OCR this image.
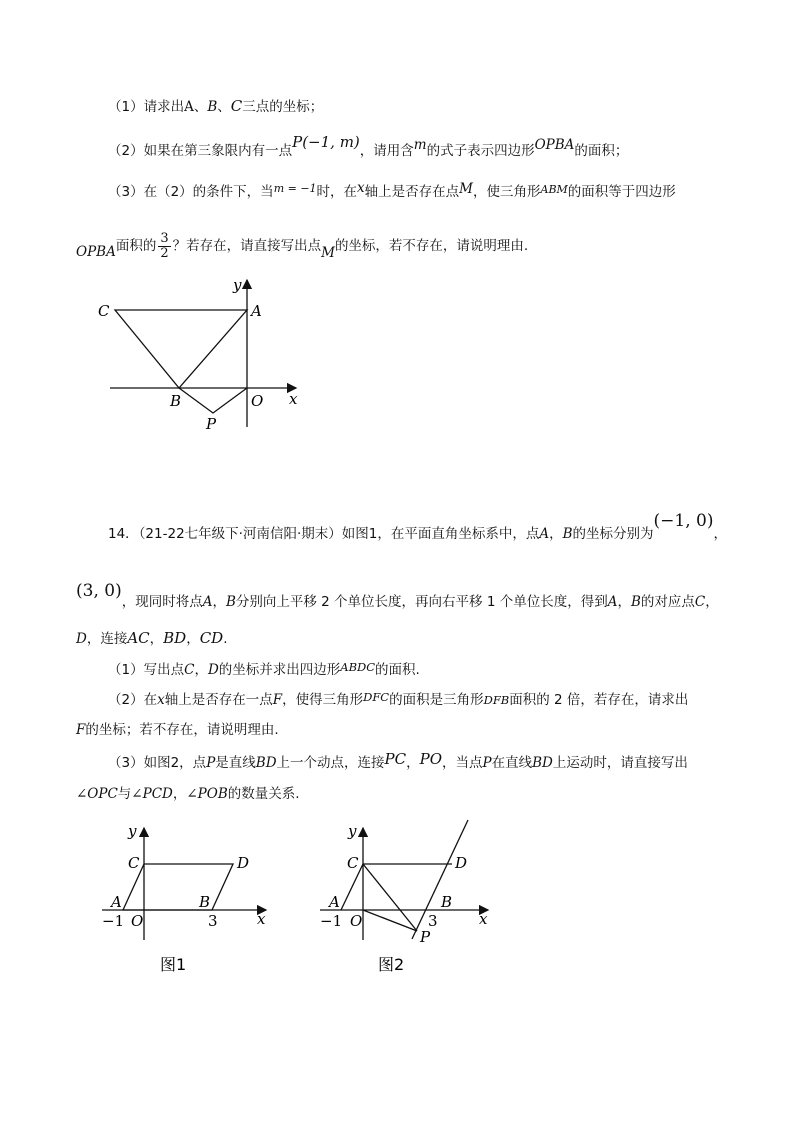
（1）请求出A、B、C三点的坐标；
（2）如果在第三象限内有一点P(−1, m)，请用含m的式子表示四边形OPBA的面积；
（3）在（2）的条件下，当$^{m = -1}$时，在x轴上是否存在点M，使三角形$^{ABM}$的面积等于四边形
OPBA面积的 $\frac{3}{2}$ ？若存在，请直接写出点M的坐标，若不存在，请说明理由.
C	A
B	O
P
x
y
14．（21-22七年级下·河南信阳·期末）如图1，在平面直角坐标系中，点A，B的坐标分别为(−1, 0)，
(3, 0)，现同时将点A，B分别向上平移 2 个单位长度，再向右平移 1 个单位长度，得到A，B的对应点C，
D，连接AC，BD，CD.
（1）写出点C，D的坐标并求出四边形ABDC的面积.
（2）在x轴上是否存在一点F，使得三角形DFC的面积是三角形DFB面积的 2 倍，若存在，请求出
F的坐标；若不存在，请说明理由.
（3）如图2，点P是直线BD上一个动点，连接PC，PO，当点P在直线BD上运动时，请直接写出
∠OPC与∠PCD，∠POB的数量关系.
y
C	D
A	B
−1 O	3	x
图1
y
C	D
A	B
−1 O	3
P
x
图2
